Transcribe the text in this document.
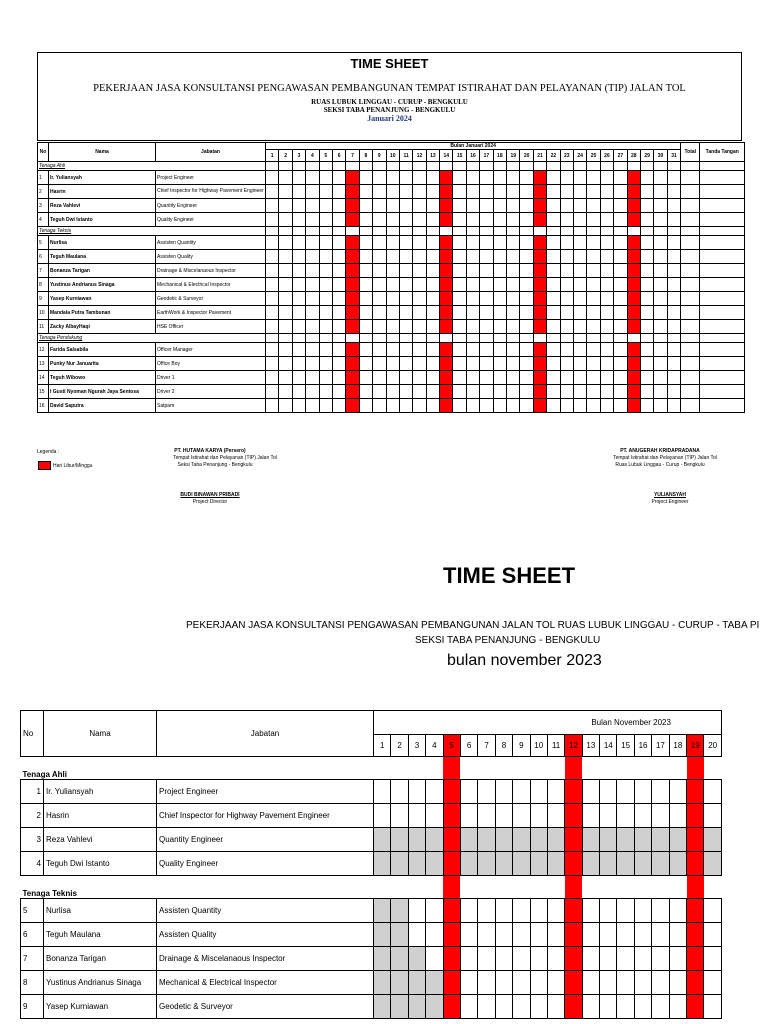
TIME SHEET
PEKERJAAN JASA KONSULTANSI PENGAWASAN PEMBANGUNAN TEMPAT ISTIRAHAT DAN PELAYANAN (TIP) JALAN TOL
RUAS LUBUK LINGGAU - CURUP - BENGKULU
SEKSI TABA PENANJUNG - BENGKULU
Januari 2024
No	Nama	Jabatan	Bulan Januari 2024																															Total	Tanda Tangan
			1	2	3	4	5	6	7	8	9	10	11	12	13	14	15	16	17	18	19	20	21	22	23	24	25	26	27	28	29	30	31		
Tenaga Ahli																																			
1	Ir. Yuliansyah	Project Engineer																																	
2	Hasrin	Chief Inspector for Highway Pavement Engineer																																	
3	Reza Vahlevi	Quantity Engineer																																	
4	Teguh Dwi Istanto	Quality Engineer																																	
Tenaga Teknis																																			
5	Nurlisa	Assisten Quantity																																	
6	Teguh Maulana	Assisten Quality																																	
7	Bonanza Tarigan	Drainage & Miscelanaous Inspector																																	
8	Yustinus Andrianus Sinaga	Mechanical & Electrical Inspector																																	
9	Yasep Kurniawan	Geodetic & Surveyor																																	
10	Mandala Putra Tambunan	EarthWork & Inspector Pavement																																	
11	Zacky AlbayHaqi	HSE Officer																																	
Tenaga Pendukung																																			
12	Farida Salsabila	Officer Manager																																	
13	Punky Nur Januarita	Office Boy																																	
14	Teguh Wibowo	Driver 1																																	
15	I Gusti Nyoman Ngurah Jaya Sentosa	Driver 2																																	
16	David Saputra	Satpam																																	
Legenda :
Hari Libur/Minggu
PT. HUTAMA KARYA (Persero)
Tempat Istirahat dan Pelayanan (TIP) Jalan Tol
Seksi Taba Penanjung - Bengkulu
BUDI BINAWAN PRIBADI
Project Director
PT. ANUGERAH KRIDAPRADANA
Tempat Istirahat dan Pelayanan (TIP) Jalan Tol
Ruas Lubuk Linggau - Curup - Bengkulu
YULIANSYAH
Project Engineer
TIME SHEET
PEKERJAAN JASA KONSULTANSI PENGAWASAN PEMBANGUNAN JALAN TOL RUAS LUBUK LINGGAU - CURUP - TABA PI
SEKSI TABA PENANJUNG - BENGKULU
bulan november 2023
No	Nama	Jabatan	Bulan November 2023																			
			1	2	3	4	5	6	7	8	9	10	11	12	13	14	15	16	17	18	19	20
Tenaga Ahli																						
1	Ir. Yuliansyah	Project Engineer																				
2	Hasrin	Chief Inspector for Highway Pavement Engineer																				
3	Reza Vahlevi	Quantity Engineer																				
4	Teguh Dwi Istanto	Quality Engineer																				
Tenaga Teknis																						
5	Nurlisa	Assisten Quantity																				
6	Teguh Maulana	Assisten Quality																				
7	Bonanza Tarigan	Drainage & Miscelanaous Inspector																				
8	Yustinus Andrianus Sinaga	Mechanical & Electrical Inspector																				
9	Yasep Kurniawan	Geodetic & Surveyor																				
